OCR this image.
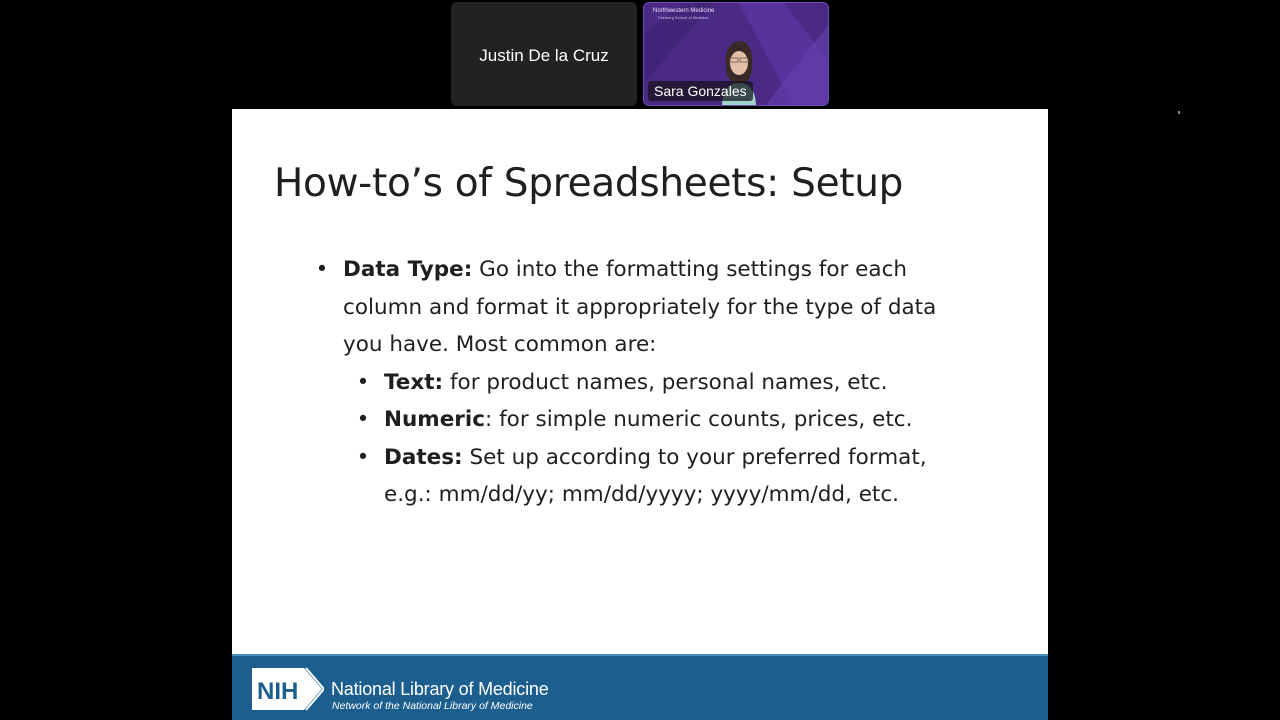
Justin De la Cruz
Northwestern Medicine
Feinberg School of Medicine
Sara Gonzales
How-to’s of Spreadsheets: Setup
• Data Type: Go into the formatting settings for each
column and format it appropriately for the type of data
you have. Most common are:
• Text: for product names, personal names, etc.
• Numeric: for simple numeric counts, prices, etc.
• Dates: Set up according to your preferred format,
e.g.: mm/dd/yy; mm/dd/yyyy; yyyy/mm/dd, etc.
NIH National Library of Medicine
Network of the National Library of Medicine
